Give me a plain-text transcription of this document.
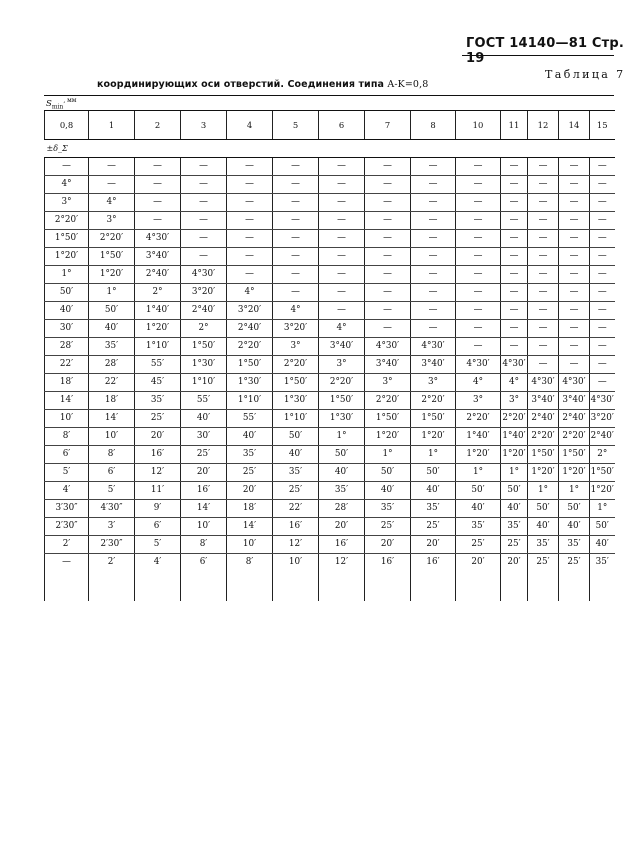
ГОСТ 14140—81 Стр. 19
Таблица 7
координирующих оси отверстий. Соединения типа A-K=0,8
$S_{min}^{, мм}$
0,8	1	2	3	4	5	6	7	8	10	11	12	14	15
±δ_Σ													
—	—	—	—	—	—	—	—	—	—	—	—	—	—
4°	—	—	—	—	—	—	—	—	—	—	—	—	—
3°	4°	—	—	—	—	—	—	—	—	—	—	—	—
2°20′	3°	—	—	—	—	—	—	—	—	—	—	—	—
1°50′	2°20′	4°30′	—	—	—	—	—	—	—	—	—	—	—
1°20′	1°50′	3°40′	—	—	—	—	—	—	—	—	—	—	—
1°	1°20′	2°40′	4°30′	—	—	—	—	—	—	—	—	—	—
50′	1°	2°	3°20′	4°	—	—	—	—	—	—	—	—	—
40′	50′	1°40′	2°40′	3°20′	4°	—	—	—	—	—	—	—	—
30′	40′	1°20′	2°	2°40′	3°20′	4°	—	—	—	—	—	—	—
28′	35′	1°10′	1°50′	2°20′	3°	3°40′	4°30′	4°30′	—	—	—	—	—
22′	28′	55′	1°30′	1°50′	2°20′	3°	3°40′	3°40′	4°30′	4°30′	—	—	—
18′	22′	45′	1°10′	1°30′	1°50′	2°20′	3°	3°	4°	4°	4°30′	4°30′	—
14′	18′	35′	55′	1°10′	1°30′	1°50′	2°20′	2°20′	3°	3°	3°40′	3°40′	4°30′
10′	14′	25′	40′	55′	1°10′	1°30′	1°50′	1°50′	2°20′	2°20′	2°40′	2°40′	3°20′
8′	10′	20′	30′	40′	50′	1°	1°20′	1°20′	1°40′	1°40′	2°20′	2°20′	2°40′
6′	8′	16′	25′	35′	40′	50′	1°	1°	1°20′	1°20′	1°50′	1°50′	2°
5′	6′	12′	20′	25′	35′	40′	50′	50′	1°	1°	1°20′	1°20′	1°50′
4′	5′	11′	16′	20′	25′	35′	40′	40′	50′	50′	1°	1°	1°20′
3′30″	4′30″	9′	14′	18′	22′	28′	35′	35′	40′	40′	50′	50′	1°
2′30″	3′	6′	10′	14′	16′	20′	25′	25′	35′	35′	40′	40′	50′
2′	2′30″	5′	8′	10′	12′	16′	20′	20′	25′	25′	35′	35′	40′
—	2′	4′	6′	8′	10′	12′	16′	16′	20′	20′	25′	25′	35′
